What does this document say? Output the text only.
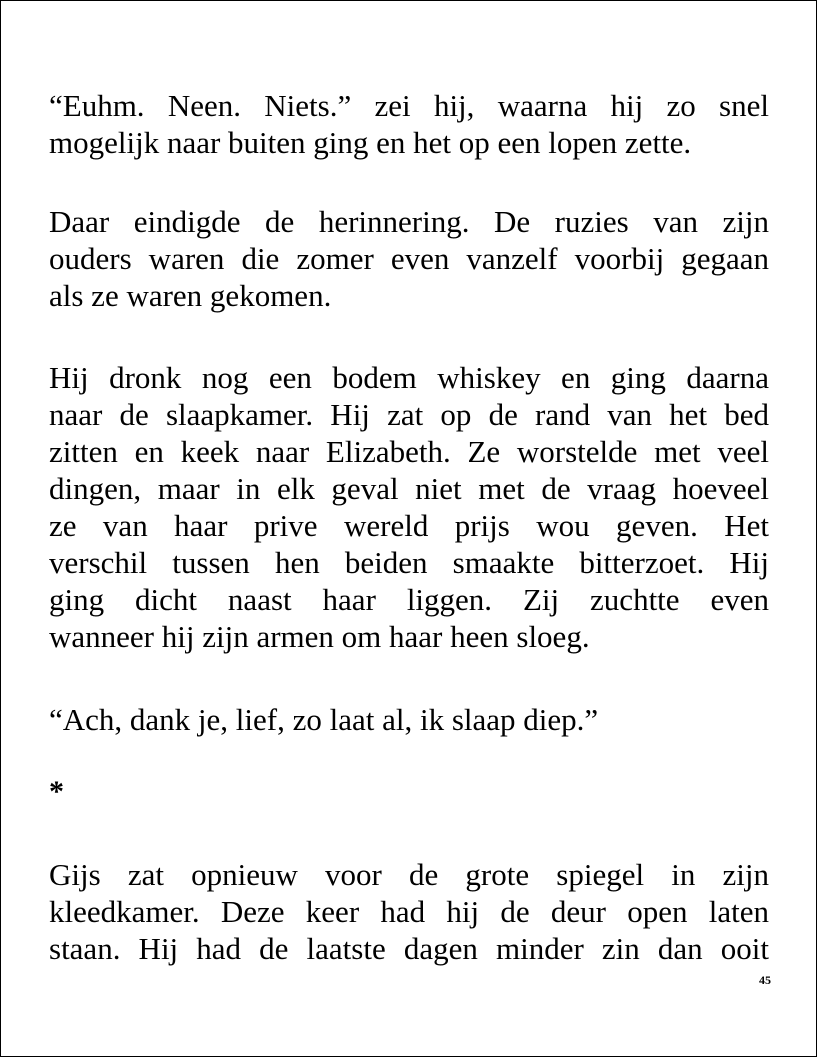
“Euhm. Neen. Niets.” zei hij, waarna hij zo snel
mogelijk naar buiten ging en het op een lopen zette.
Daar eindigde de herinnering. De ruzies van zijn
ouders waren die zomer even vanzelf voorbij gegaan
als ze waren gekomen.
Hij dronk nog een bodem whiskey en ging daarna
naar de slaapkamer. Hij zat op de rand van het bed
zitten en keek naar Elizabeth. Ze worstelde met veel
dingen, maar in elk geval niet met de vraag hoeveel
ze van haar prive wereld prijs wou geven. Het
verschil tussen hen beiden smaakte bitterzoet. Hij
ging dicht naast haar liggen. Zij zuchtte even
wanneer hij zijn armen om haar heen sloeg.
“Ach, dank je, lief, zo laat al, ik slaap diep.”
*
Gijs zat opnieuw voor de grote spiegel in zijn
kleedkamer. Deze keer had hij de deur open laten
staan. Hij had de laatste dagen minder zin dan ooit
45
